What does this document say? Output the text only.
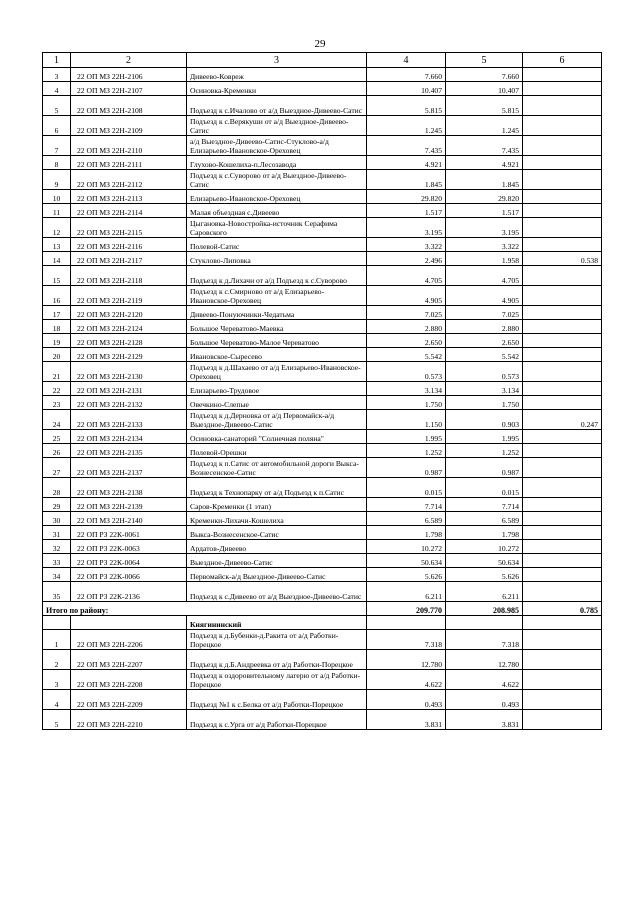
29
1	2	3	4	5	6
3	22 ОП МЗ 22Н-2106	Дивеево-Ковреж	7.660	7.660	
4	22 ОП МЗ 22Н-2107	Осиновка-Кременки	10.407	10.407	
5	22 ОП МЗ 22Н-2108	Подъезд к с.Ичалово от а/д Выездное-Дивеево-Сатис	5.815	5.815	
6	22 ОП МЗ 22Н-2109	Подъезд к с.Верякуши от а/д Выездное-Дивеево-Сатис	1.245	1.245	
7	22 ОП МЗ 22Н-2110	а/д Выездное-Дивеево-Сатис-Стуклово-а/д Елизарьево-Ивановское-Ореховец	7.435	7.435	
8	22 ОП МЗ 22Н-2111	Глухово-Кошелиха-п.Лесозавода	4.921	4.921	
9	22 ОП МЗ 22Н-2112	Подъезд к с.Суворово от а/д Выездное-Дивеево-Сатис	1.845	1.845	
10	22 ОП МЗ 22Н-2113	Елизарьево-Ивановское-Ореховец	29.820	29.820	
11	22 ОП МЗ 22Н-2114	Малая объездная с.Дивеево	1.517	1.517	
12	22 ОП МЗ 22Н-2115	Цыгановка-Новостройка-источник Серафима Саровского	3.195	3.195	
13	22 ОП МЗ 22Н-2116	Полевой-Сатис	3.322	3.322	
14	22 ОП МЗ 22Н-2117	Стуклово-Липовка	2.496	1.958	0.538
15	22 ОП МЗ 22Н-2118	Подъезд к д.Лихачи от а/д Подъезд к с.Суворово	4.705	4.705	
16	22 ОП МЗ 22Н-2119	Подъезд к с.Смирново от а/д Елизарьево-Ивановское-Ореховец	4.905	4.905	
17	22 ОП МЗ 22Н-2120	Дивеево-Понуючинки-Чедатьма	7.025	7.025	
18	22 ОП МЗ 22Н-2124	Большое Череватово-Маевка	2.880	2.880	
19	22 ОП МЗ 22Н-2128	Большое Череватово-Малое Череватово	2.650	2.650	
20	22 ОП МЗ 22Н-2129	Ивановское-Сыресево	5.542	5.542	
21	22 ОП МЗ 22Н-2130	Подъезд к д.Шахаево от а/д Елизарьево-Ивановское-Ореховец	0.573	0.573	
22	22 ОП МЗ 22Н-2131	Елизарьево-Трудовое	3.134	3.134	
23	22 ОП МЗ 22Н-2132	Овечкино-Слепые	1.750	1.750	
24	22 ОП МЗ 22Н-2133	Подъезд к д.Дерновка от а/д Первомайск-а/д Выездное-Дивеево-Сатис	1.150	0.903	0.247
25	22 ОП МЗ 22Н-2134	Осиновка-санаторий "Солнечная поляна"	1.995	1.995	
26	22 ОП МЗ 22Н-2135	Полевой-Орешки	1.252	1.252	
27	22 ОП МЗ 22Н-2137	Подъезд к п.Сатис от автомобильной дороги Выкса-Вознесенское-Сатис	0.987	0.987	
28	22 ОП МЗ 22Н-2138	Подъезд к Технопарку от а/д Подъезд к п.Сатис	0.015	0.015	
29	22 ОП МЗ 22Н-2139	Саров-Кременки (1 этап)	7.714	7.714	
30	22 ОП МЗ 22Н-2140	Кременки-Лихачи-Кошелиха	6.589	6.589	
31	22 ОП РЗ 22К-0061	Выкса-Вознесенское-Сатис	1.798	1.798	
32	22 ОП РЗ 22К-0063	Ардатов-Дивеево	10.272	10.272	
33	22 ОП РЗ 22К-0064	Выездное-Дивеево-Сатис	50.634	50.634	
34	22 ОП РЗ 22К-0066	Первомайск-а/д Выездное-Дивеево-Сатис	5.626	5.626	
35	22 ОП РЗ 22К-2136	Подъезд к с.Дивеево от а/д Выездное-Дивеево-Сатис	6.211	6.211	
Итого по району:			209.770	208.985	0.785
		Княгининский			
1	22 ОП МЗ 22Н-2206	Подъезд к д.Бубенки-д.Ракита от а/д Работки-Порецкое	7.318	7.318	
2	22 ОП МЗ 22Н-2207	Подъезд к д.Б.Андреевка от а/д Работки-Порецкое	12.780	12.780	
3	22 ОП МЗ 22Н-2208	Подъезд к оздоровительному лагерю от а/д Работки-Порецкое	4.622	4.622	
4	22 ОП МЗ 22Н-2209	Подъезд №1 к с.Белка от а/д Работки-Порецкое	0.493	0.493	
5	22 ОП МЗ 22Н-2210	Подъезд к с.Урга от а/д Работки-Порецкое	3.831	3.831	
